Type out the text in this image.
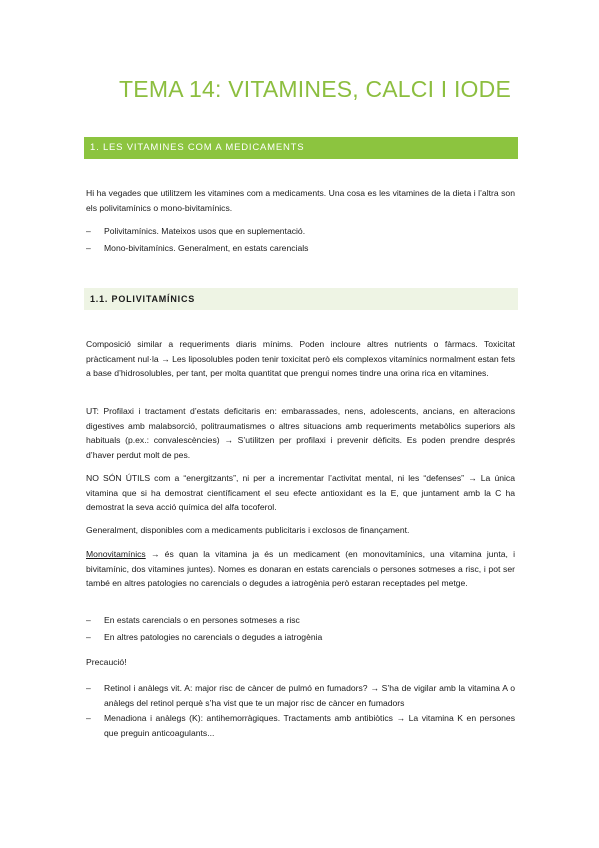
TEMA 14: VITAMINES, CALCI I IODE
1. LES VITAMINES COM A MEDICAMENTS

Hi ha vegades que utilitzem les vitamines com a medicaments. Una cosa es les vitamines de la dieta i l’altra son els polivitamínics o mono-bivitamínics.

– Polivitamínics. Mateixos usos que en suplementació.
– Mono-bivitamínics. Generalment, en estats carencials
1.1. POLIVITAMÍNICS

Composició similar a requeriments diaris mínims. Poden incloure altres nutrients o fàrmacs. Toxicitat pràcticament nul·la → Les liposolubles poden tenir toxicitat però els complexos vitamínics normalment estan fets a base d’hidrosolubles, per tant, per molta quantitat que prengui nomes tindre una orina rica en vitamines.

UT: Profilaxi i tractament d’estats deficitaris en: embarassades, nens, adolescents, ancians, en alteracions digestives amb malabsorció, politraumatismes o altres situacions amb requeriments metabòlics superiors als habituals (p.ex.: convalescències) → S’utilitzen per profilaxi i prevenir dèficits. Es poden prendre després d’haver perdut molt de pes.

NO SÓN ÚTILS com a “energitzants”, ni per a incrementar l’activitat mental, ni les “defenses” → La única vitamina que si ha demostrat científicament el seu efecte antioxidant es la E, que juntament amb la C ha demostrat la seva acció química del alfa tocoferol.

Generalment, disponibles com a medicaments publicitaris i exclosos de finançament.

Monovitamínics → és quan la vitamina ja és un medicament (en monovitamínics, una vitamina junta, i bivitamínic, dos vitamines juntes). Nomes es donaran en estats carencials o persones sotmeses a risc, i pot ser també en altres patologies no carencials o degudes a iatrogènia però estaran receptades pel metge.

– En estats carencials o en persones sotmeses a risc
– En altres patologies no carencials o degudes a iatrogènia

Precaució!

– Retinol i anàlegs vit. A: major risc de càncer de pulmó en fumadors? → S’ha de vigilar amb la vitamina A o anàlegs del retinol perquè s’ha vist que te un major risc de càncer en fumadors
– Menadiona i anàlegs (K): antihemorràgiques. Tractaments amb antibiòtics → La vitamina K en persones que preguin anticoagulants...
